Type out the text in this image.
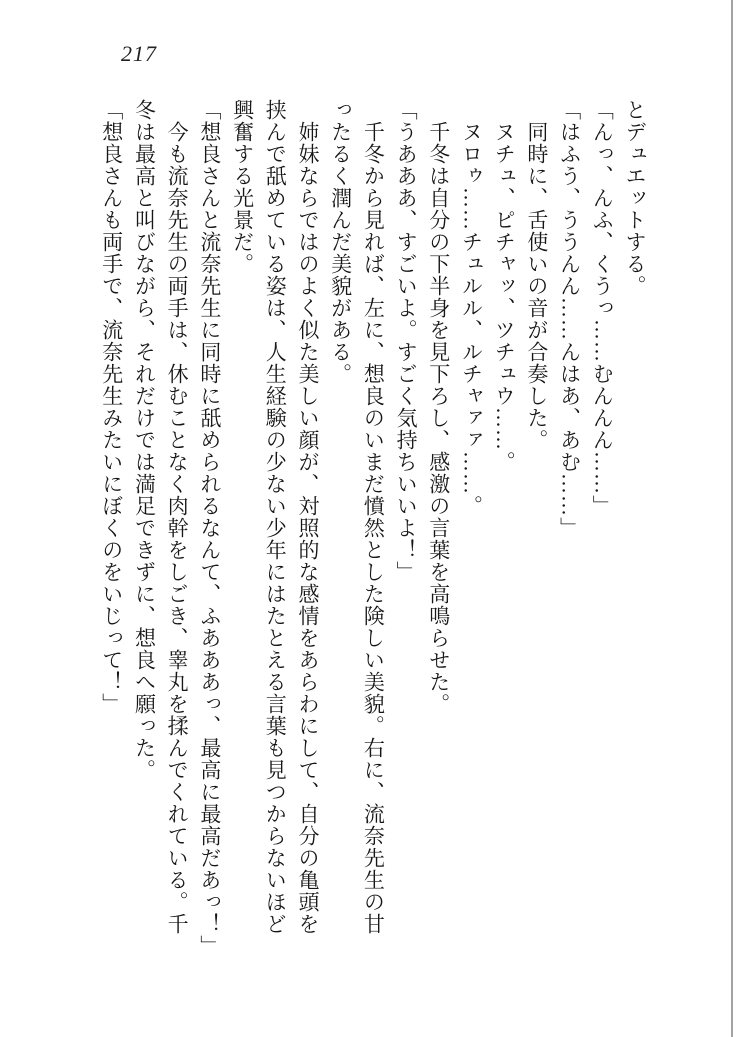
217

とデュエットする。

「んっ、んふ、くうっ……むんんん……」

「はふう、ううんん……んはあ、あむ……」

同時に、舌使いの音が合奏した。

ヌチュ、ピチャッ、ツチュウ……。

ヌロゥ……チュルル、ルチャァァ……。

千冬は自分の下半身を見下ろし、感激の言葉を高鳴らせた。

「うあああ、すごいよ。すごく気持ちいいよ！」

千冬から見れば、左に、想良のいまだ憤然とした険しい美貌。右に、流奈先生の甘

ったるく潤んだ美貌がある。

姉妹ならではのよく似た美しい顔が、対照的な感情をあらわにして、自分の亀頭を

挟んで舐めている姿は、人生経験の少ない少年にはたとえる言葉も見つからないほど

興奮する光景だ。

「想良さんと流奈先生に同時に舐められるなんて、ふあああっ、最高に最高だあっ！」

今も流奈先生の両手は、休むことなく肉幹をしごき、睾丸を揉んでくれている。千

冬は最高と叫びながら、それだけでは満足できずに、想良へ願った。

「想良さんも両手で、流奈先生みたいにぼくのをいじって！」
